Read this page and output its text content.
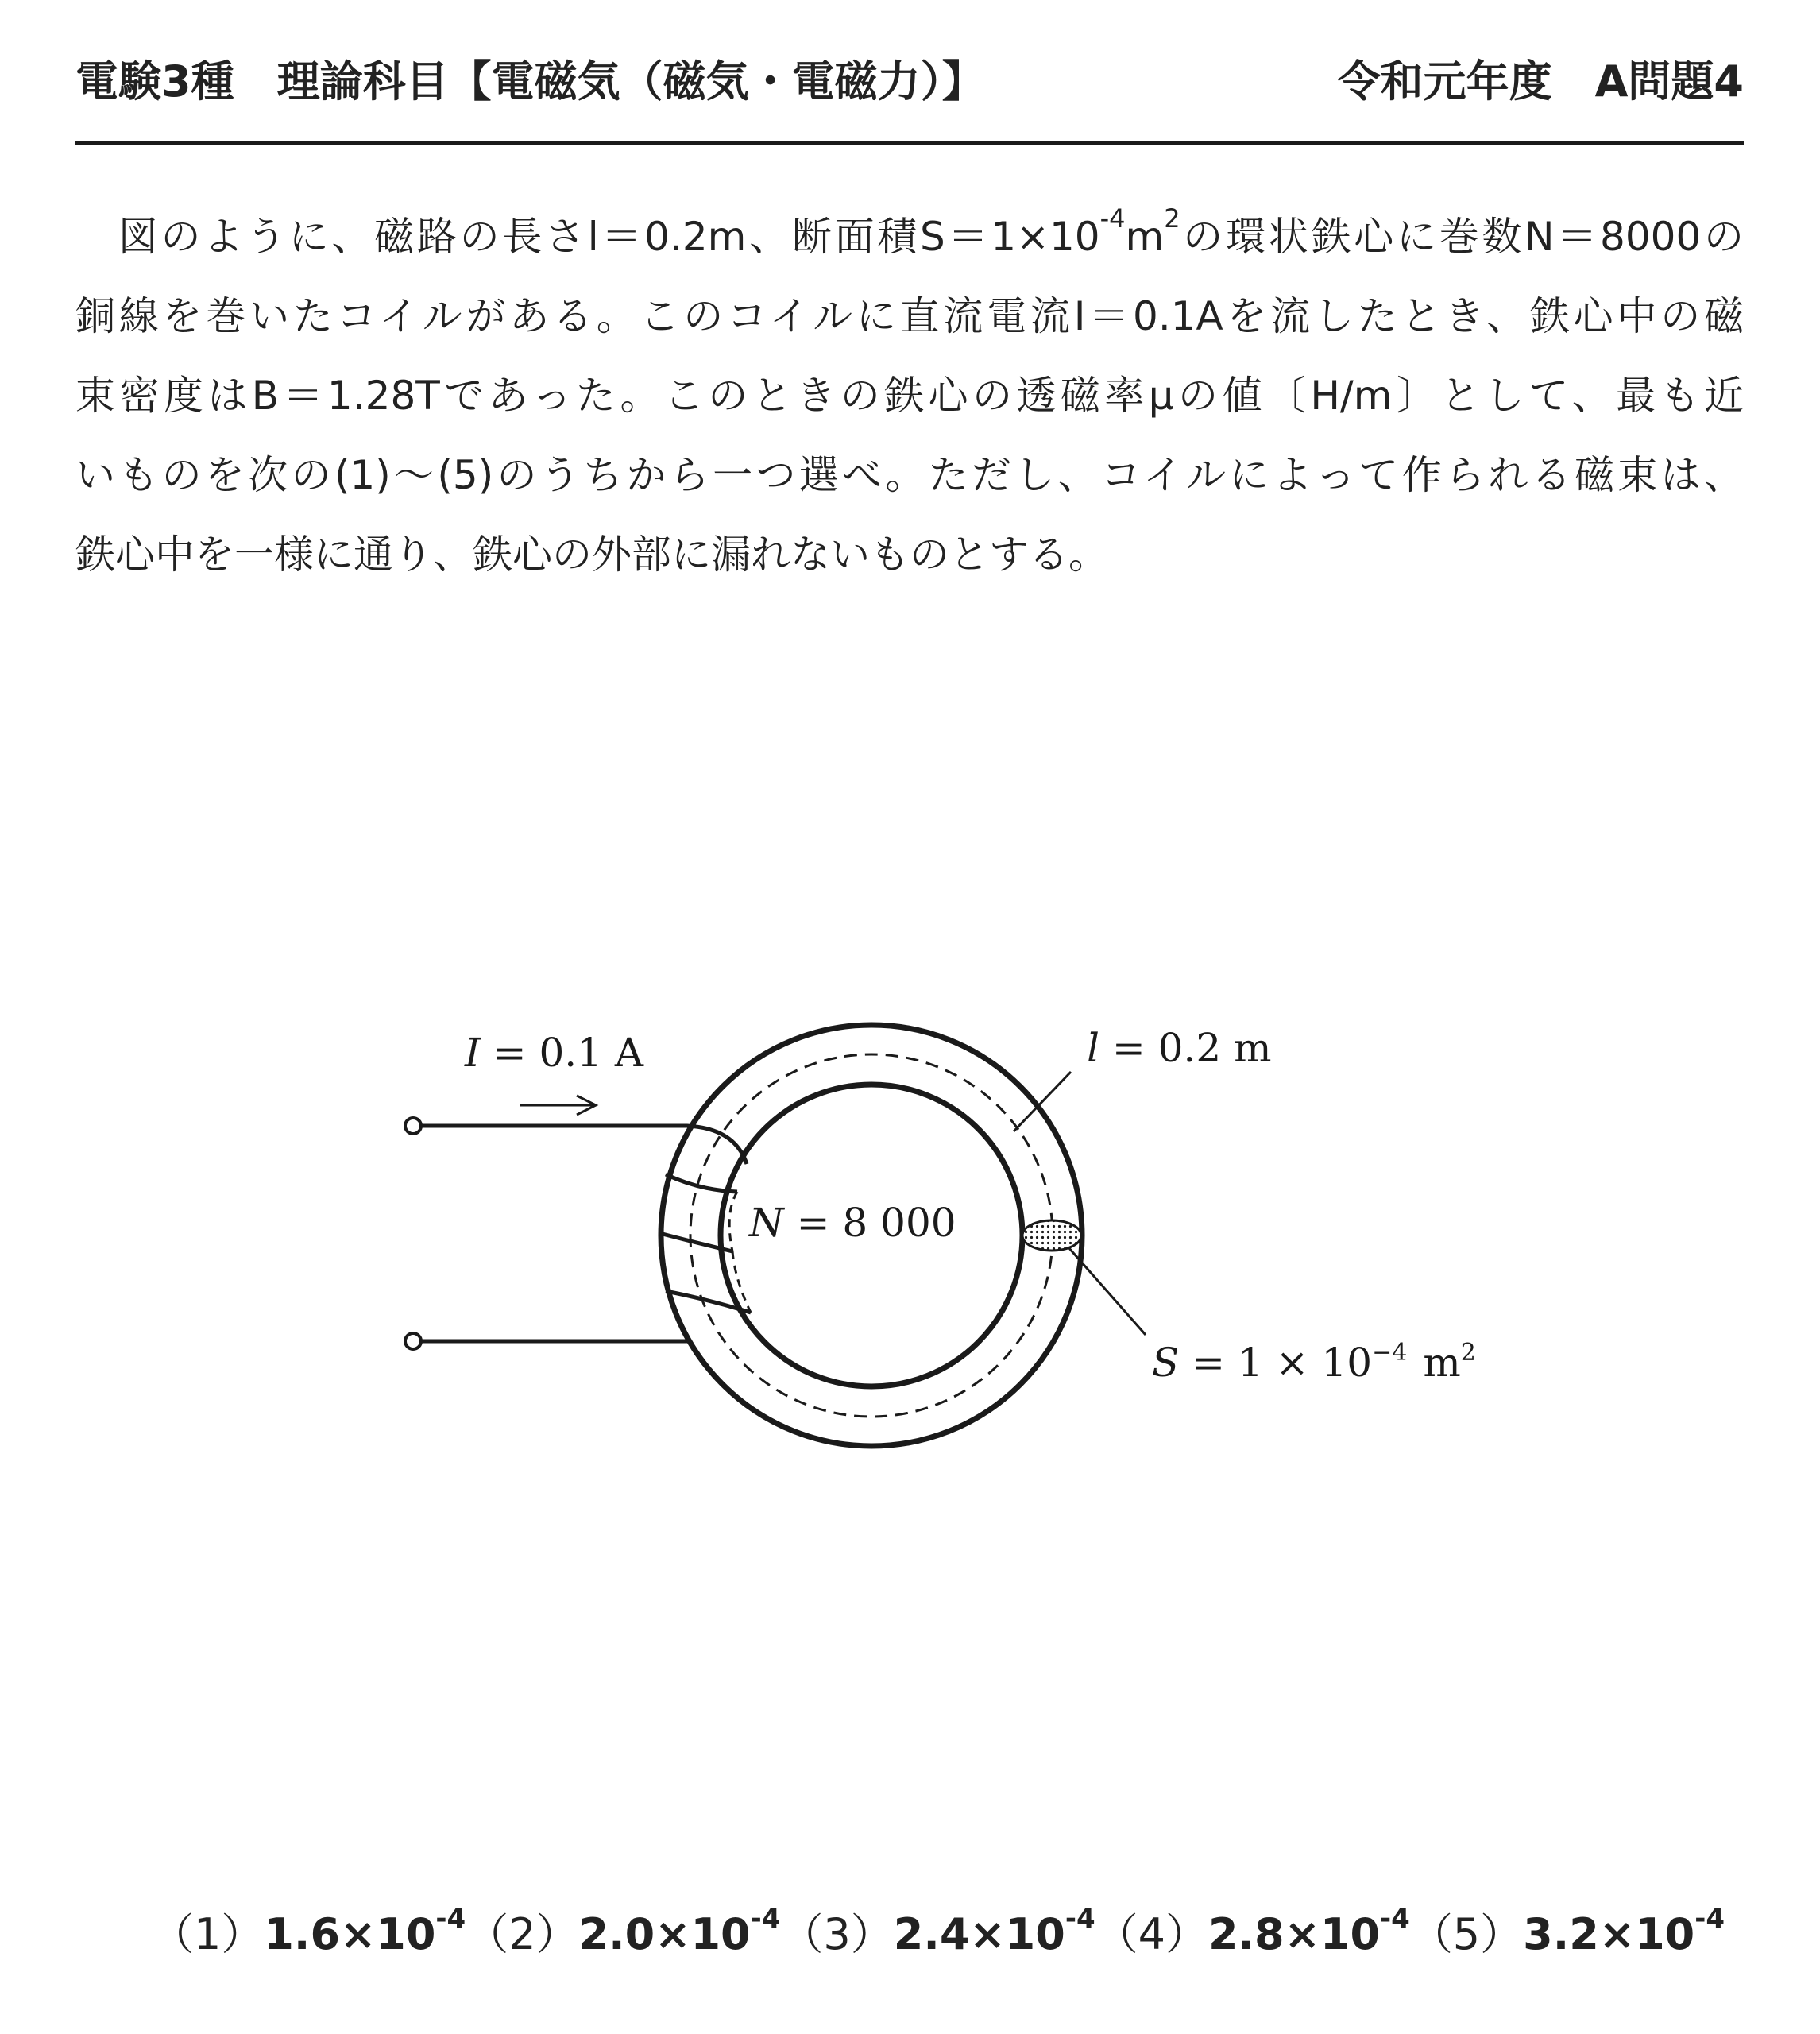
電験3種　理論科目【電磁気（磁気・電磁力）】	令和元年度　A問題4
　図のように、磁路の長さl＝0.2m、断面積$S=1\times 10^{-4}m^2$の環状鉄心に巻数N＝8000の
銅線を巻いたコイルがある。このコイルに直流電流I＝0.1Aを流したとき、鉄心中の磁
束密度はB＝1.28Tであった。このときの鉄心の透磁率μの値〔H/m〕として、最も近
いものを次の(1)～(5)のうちから一つ選べ。ただし、コイルによって作られる磁束は、
鉄心中を一様に通り、鉄心の外部に漏れないものとする。
I = 0.1 A	l = 0.2 m
N = 8 000
$S = 1 \times 10^{-4}$ $m^2$
$(1)1.6\times 10^{-4}$ $(2)2.0\times 10^{-4}$ $(3)2.4\times 10^{-4}$ $(4)2.8\times 10^{-4}$ $(5)3.2\times 10^{-4}$
